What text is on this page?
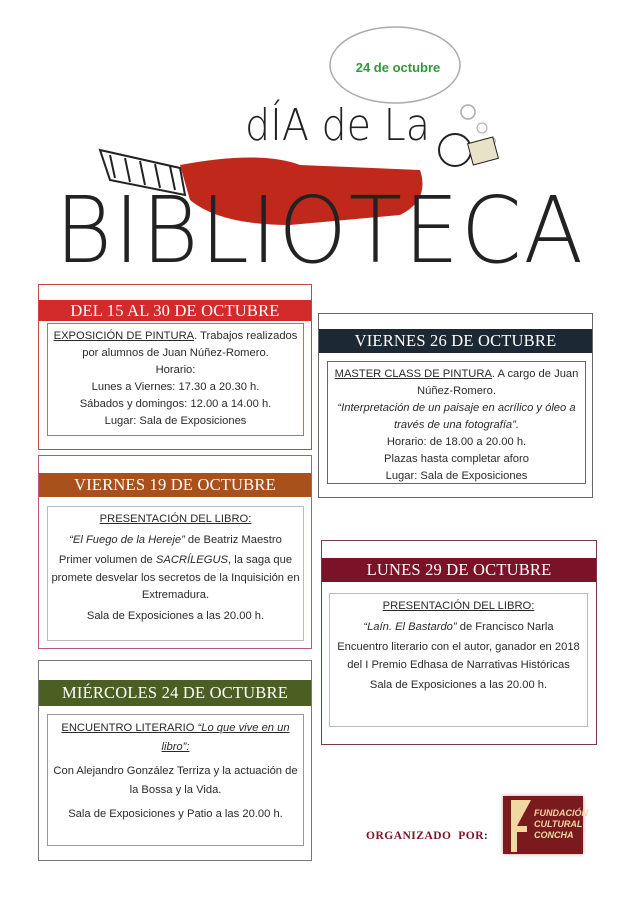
24 de octubre
dÍA de La
BIBLIOTECA
DEL 15 AL 30 DE OCTUBRE

EXPOSICIÓN DE PINTURA. Trabajos realizados por alumnos de Juan Núñez-Romero.

Horario:

Lunes a Viernes: 17.30 a 20.30 h.

Sábados y domingos: 12.00 a 14.00 h.

Lugar: Sala de Exposiciones

VIERNES 26 DE OCTUBRE

MASTER CLASS DE PINTURA. A cargo de Juan Núñez-Romero.

“Interpretación de un paisaje en acrílico y óleo a través de una fotografía”.

Horario: de 18.00 a 20.00 h.

Plazas hasta completar aforo

Lugar: Sala de Exposiciones

VIERNES 19 DE OCTUBRE

PRESENTACIÓN DEL LIBRO:

“El Fuego de la Hereje” de Beatriz Maestro

Primer volumen de SACRÍLEGUS, la saga que promete desvelar los secretos de la Inquisición en Extremadura.

Sala de Exposiciones a las 20.00 h.

LUNES 29 DE OCTUBRE

PRESENTACIÓN DEL LIBRO:

“Laín. El Bastardo” de Francisco Narla

Encuentro literario con el autor, ganador en 2018 del I Premio Edhasa de Narrativas Históricas

Sala de Exposiciones a las 20.00 h.

MIÉRCOLES 24 DE OCTUBRE

ENCUENTRO LITERARIO “Lo que vive en un libro”:

Con Alejandro González Terriza y la actuación de la Bossa y la Vida.

Sala de Exposiciones y Patio a las 20.00 h.

ORGANIZADO  POR:
FUNDACIÓN
CULTURAL
CONCHA
